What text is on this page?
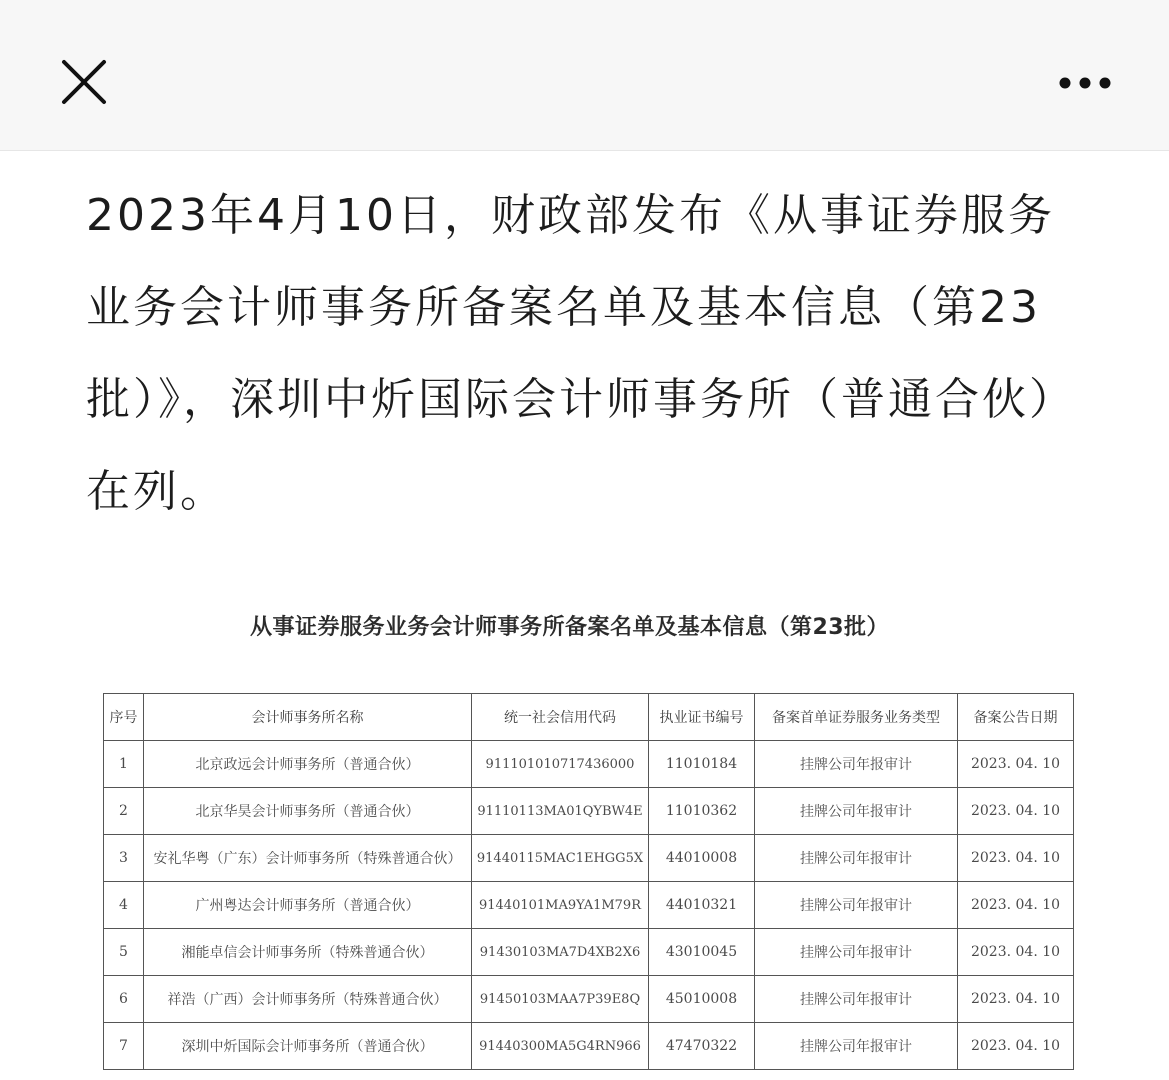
2023年4月10日，财政部发布《从事证券服务业务会计师事务所备案名单及基本信息（第23批）》，深圳中炘国际会计师事务所（普通合伙）在列。
从事证券服务业务会计师事务所备案名单及基本信息（第23批）
序号	会计师事务所名称	统一社会信用代码	执业证书编号	备案首单证券服务业务类型	备案公告日期
1	北京政远会计师事务所（普通合伙）	911101010717436000	11010184	挂牌公司年报审计	2023. 04. 10
2	北京华昊会计师事务所（普通合伙）	91110113MA01QYBW4E	11010362	挂牌公司年报审计	2023. 04. 10
3	安礼华粤（广东）会计师事务所（特殊普通合伙）	91440115MAC1EHGG5X	44010008	挂牌公司年报审计	2023. 04. 10
4	广州粤达会计师事务所（普通合伙）	91440101MA9YA1M79R	44010321	挂牌公司年报审计	2023. 04. 10
5	湘能卓信会计师事务所（特殊普通合伙）	91430103MA7D4XB2X6	43010045	挂牌公司年报审计	2023. 04. 10
6	祥浩（广西）会计师事务所（特殊普通合伙）	91450103MAA7P39E8Q	45010008	挂牌公司年报审计	2023. 04. 10
7	深圳中炘国际会计师事务所（普通合伙）	91440300MA5G4RN966	47470322	挂牌公司年报审计	2023. 04. 10
